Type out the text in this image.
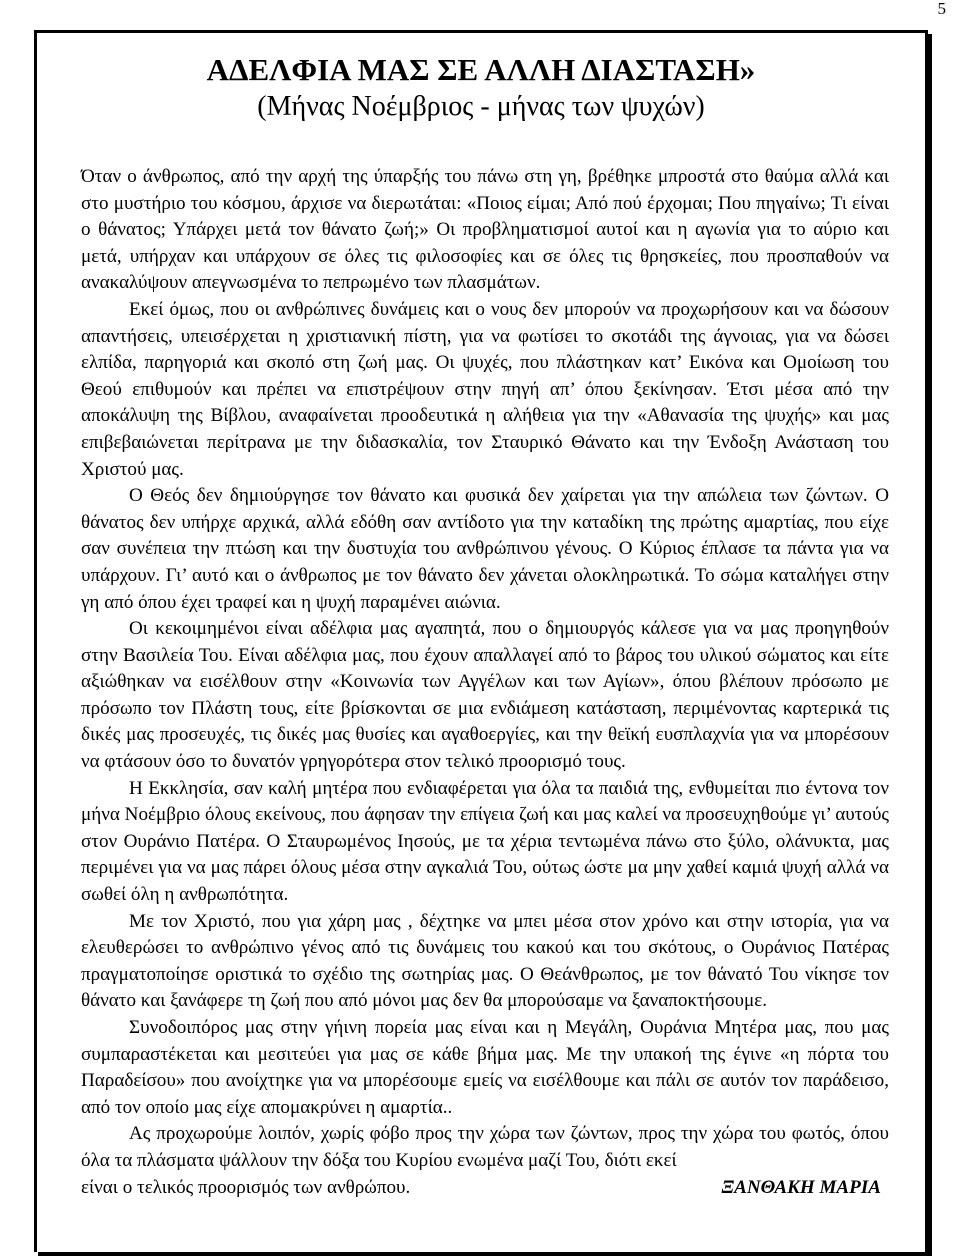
5
ΑΔΕΛΦΙΑ ΜΑΣ ΣΕ ΑΛΛΗ ΔΙΑΣΤΑΣΗ»
(Μήνας Νοέμβριος - μήνας των ψυχών)

Όταν ο άνθρωπος, από την αρχή της ύπαρξής του πάνω στη γη, βρέθηκε μπροστά στο θαύμα αλλά και στο μυστήριο του κόσμου, άρχισε να διερωτάται: «Ποιος είμαι; Από πού έρχομαι; Που πηγαίνω; Τι είναι ο θάνατος; Υπάρχει μετά τον θάνατο ζωή;» Οι προβληματισμοί αυτοί και η αγωνία για το αύριο και μετά, υπήρχαν και υπάρχουν σε όλες τις φιλοσοφίες και σε όλες τις θρησκείες, που προσπαθούν να ανακαλύψουν απεγνωσμένα το πεπρωμένο των πλασμάτων.

Εκεί όμως, που οι ανθρώπινες δυνάμεις και ο νους δεν μπορούν να προχωρήσουν και να δώσουν απαντήσεις, υπεισέρχεται η χριστιανική πίστη, για να φωτίσει το σκοτάδι της άγνοιας, για να δώσει ελπίδα, παρηγοριά και σκοπό στη ζωή μας. Οι ψυχές, που πλάστηκαν κατ’ Εικόνα και Ομοίωση του Θεού επιθυμούν και πρέπει να επιστρέψουν στην πηγή απ’ όπου ξεκίνησαν. Έτσι μέσα από την αποκάλυψη της Βίβλου, αναφαίνεται προοδευτικά η αλήθεια για την «Αθανασία της ψυχής» και μας επιβεβαιώνεται περίτρανα με την διδασκαλία, τον Σταυρικό Θάνατο και την Ένδοξη Ανάσταση του Χριστού μας.

Ο Θεός δεν δημιούργησε τον θάνατο και φυσικά δεν χαίρεται για την απώλεια των ζώντων. Ο θάνατος δεν υπήρχε αρχικά, αλλά εδόθη σαν αντίδοτο για την καταδίκη της πρώτης αμαρτίας, που είχε σαν συνέπεια την πτώση και την δυστυχία του ανθρώπινου γένους. Ο Κύριος έπλασε τα πάντα για να υπάρχουν. Γι’ αυτό και ο άνθρωπος με τον θάνατο δεν χάνεται ολοκληρωτικά. Το σώμα καταλήγει στην γη από όπου έχει τραφεί και η ψυχή παραμένει αιώνια.

Οι κεκοιμημένοι είναι αδέλφια μας αγαπητά, που ο δημιουργός κάλεσε για να μας προηγηθούν στην Βασιλεία Του. Είναι αδέλφια μας, που έχουν απαλλαγεί από το βάρος του υλικού σώματος και είτε αξιώθηκαν να εισέλθουν στην «Κοινωνία των Αγγέλων και των Αγίων», όπου βλέπουν πρόσωπο με πρόσωπο τον Πλάστη τους, είτε βρίσκονται σε μια ενδιάμεση κατάσταση, περιμένοντας καρτερικά τις δικές μας προσευχές, τις δικές μας θυσίες και αγαθοεργίες, και την θεϊκή ευσπλαχνία για να μπορέσουν να φτάσουν όσο το δυνατόν γρηγορότερα στον τελικό προορισμό τους.

Η Εκκλησία, σαν καλή μητέρα που ενδιαφέρεται για όλα τα παιδιά της, ενθυμείται πιο έντονα τον μήνα Νοέμβριο όλους εκείνους, που άφησαν την επίγεια ζωή και μας καλεί να προσευχηθούμε γι’ αυτούς στον Ουράνιο Πατέρα. Ο Σταυρωμένος Ιησούς, με τα χέρια τεντωμένα πάνω στο ξύλο, ολάνυκτα, μας περιμένει για να μας πάρει όλους μέσα στην αγκαλιά Του, ούτως ώστε μα μην χαθεί καμιά ψυχή αλλά να σωθεί όλη η ανθρωπότητα.

Με τον Χριστό, που για χάρη μας , δέχτηκε να μπει μέσα στον χρόνο και στην ιστορία, για να ελευθερώσει το ανθρώπινο γένος από τις δυνάμεις του κακού και του σκότους, ο Ουράνιος Πατέρας πραγματοποίησε οριστικά το σχέδιο της σωτηρίας μας. Ο Θεάνθρωπος, με τον θάνατό Του νίκησε τον θάνατο και ξανάφερε τη ζωή που από μόνοι μας δεν θα μπορούσαμε να ξαναποκτήσουμε.

Συνοδοιπόρος μας στην γήινη πορεία μας είναι και η Μεγάλη, Ουράνια Μητέρα μας, που μας συμπαραστέκεται και μεσιτεύει για μας σε κάθε βήμα μας. Με την υπακοή της έγινε «η πόρτα του Παραδείσου» που ανοίχτηκε για να μπορέσουμε εμείς να εισέλθουμε και πάλι σε αυτόν τον παράδεισο, από τον οποίο μας είχε απομακρύνει η αμαρτία..

Ας προχωρούμε λοιπόν, χωρίς φόβο προς την χώρα των ζώντων, προς την χώρα του φωτός, όπου όλα τα πλάσματα ψάλλουν την δόξα του Κυρίου ενωμένα μαζί Του, διότι εκεί

είναι ο τελικός προορισμός των ανθρώπου.	ΞΑΝΘΑΚΗ ΜΑΡΙΑ
